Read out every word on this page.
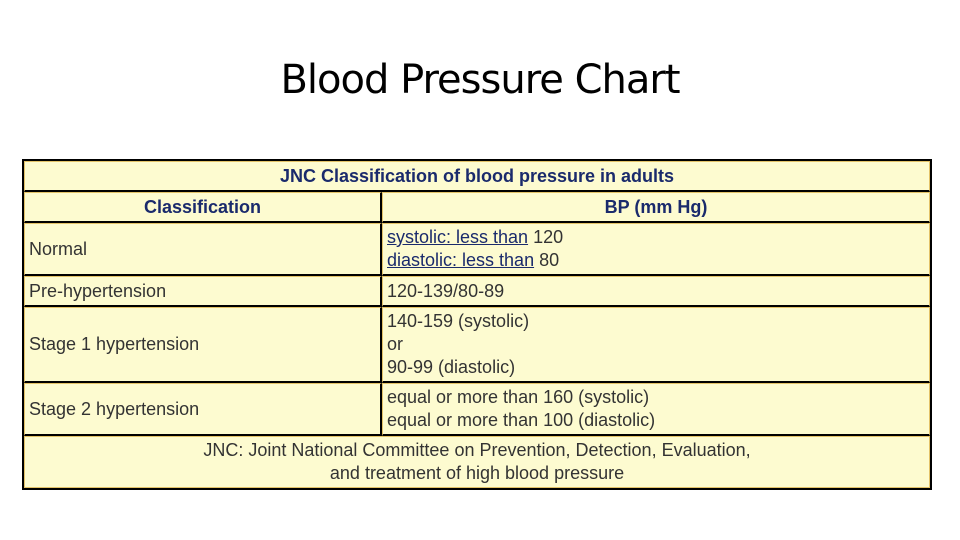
Blood Pressure Chart
JNC Classification of blood pressure in adults	
Classification	BP (mm Hg)
Normal	systolic: less than 120
diastolic: less than 80

Pre-hypertension	120-139/80-89

Stage 1 hypertension	140-159 (systolic)
or
90-99 (diastolic)

Stage 2 hypertension	equal or more than 160 (systolic)
equal or more than 100 (diastolic)

JNC: Joint National Committee on Prevention, Detection, Evaluation,
and treatment of high blood pressure	
